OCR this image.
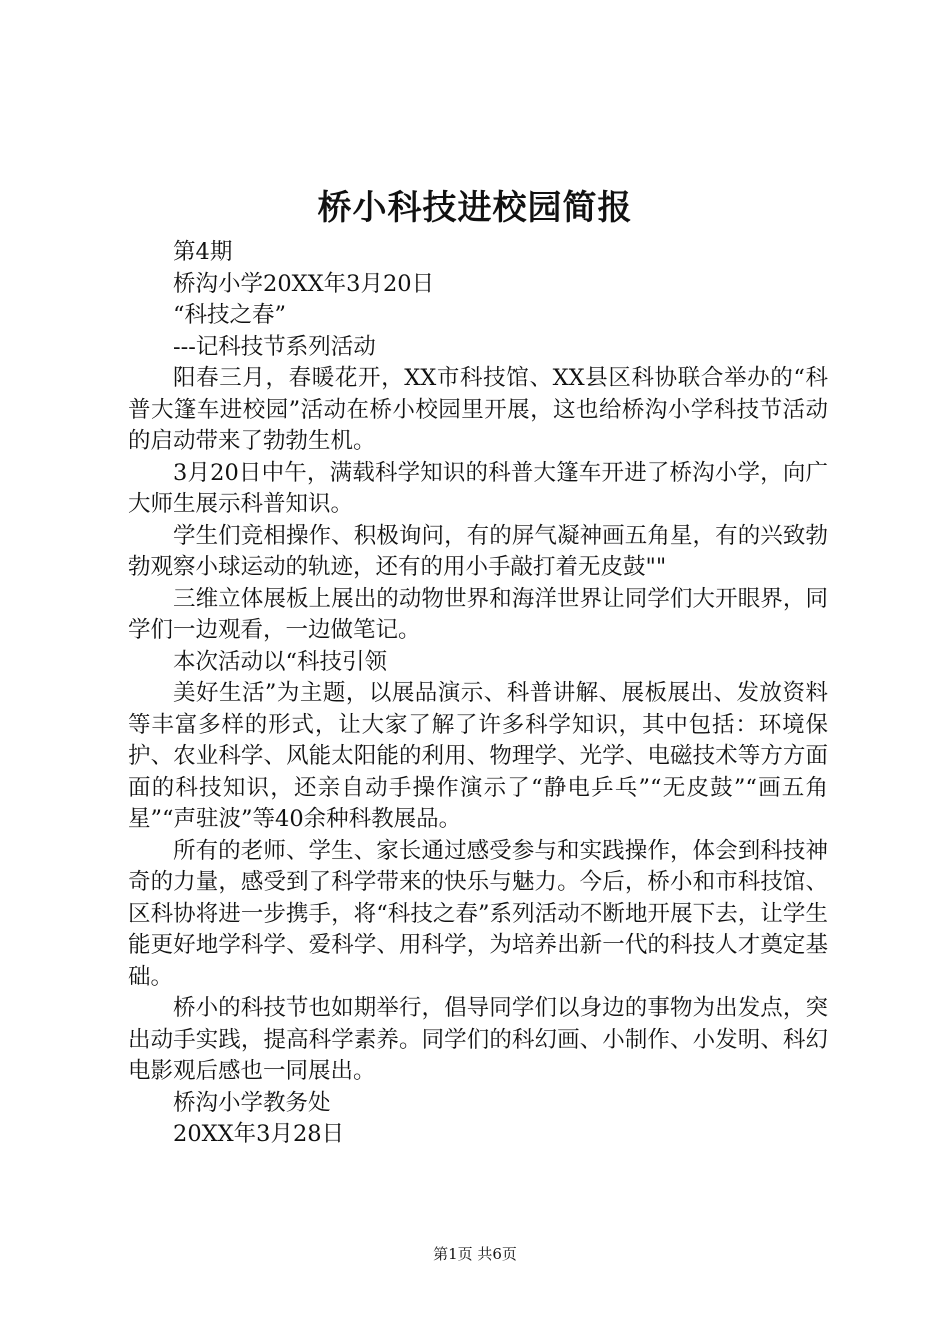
桥小科技进校园简报

第4期

桥沟小学20XX年3月20日

“科技之春”

---记科技节系列活动

阳春三月，春暖花开，XX市科技馆、XX县区科协联合举办的“科普大篷车进校园”活动在桥小校园里开展，这也给桥沟小学科技节活动的启动带来了勃勃生机。

3月20日中午，满载科学知识的科普大篷车开进了桥沟小学，向广大师生展示科普知识。

学生们竞相操作、积极询问，有的屏气凝神画五角星，有的兴致勃勃观察小球运动的轨迹，还有的用小手敲打着无皮鼓""

三维立体展板上展出的动物世界和海洋世界让同学们大开眼界，同学们一边观看，一边做笔记。

本次活动以“科技引领

美好生活”为主题，以展品演示、科普讲解、展板展出、发放资料等丰富多样的形式，让大家了解了许多科学知识，其中包括：环境保护、农业科学、风能太阳能的利用、物理学、光学、电磁技术等方方面面的科技知识，还亲自动手操作演示了“静电乒乓”“无皮鼓”“画五角星”“声驻波”等40余种科教展品。

所有的老师、学生、家长通过感受参与和实践操作，体会到科技神奇的力量，感受到了科学带来的快乐与魅力。今后，桥小和市科技馆、区科协将进一步携手，将“科技之春”系列活动不断地开展下去，让学生能更好地学科学、爱科学、用科学，为培养出新一代的科技人才奠定基础。

桥小的科技节也如期举行，倡导同学们以身边的事物为出发点，突出动手实践，提高科学素养。同学们的科幻画、小制作、小发明、科幻电影观后感也一同展出。

桥沟小学教务处

20XX年3月28日

第1页 共6页
